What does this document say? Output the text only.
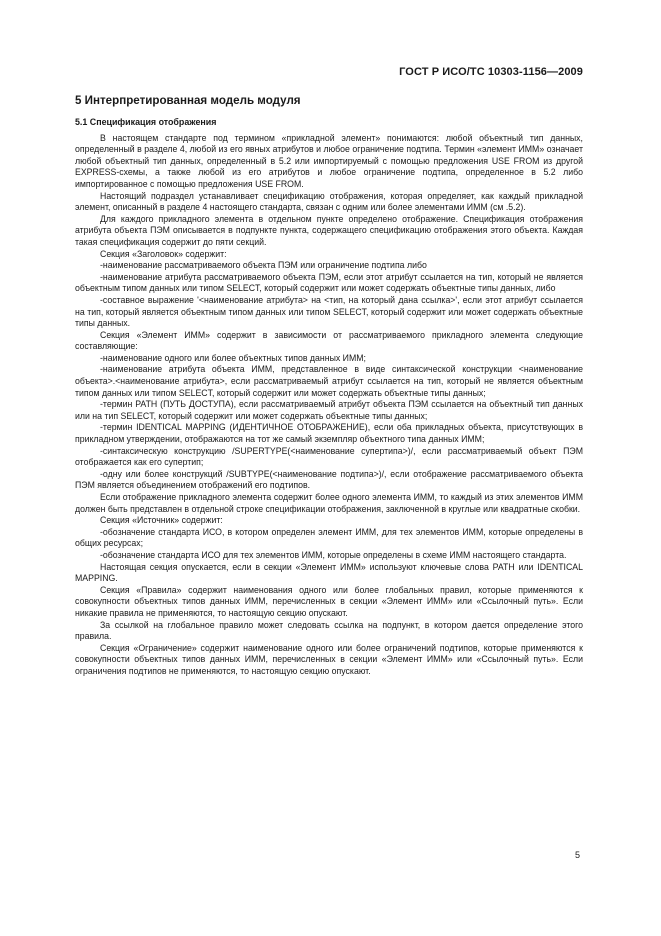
ГОСТ Р ИСО/ТС 10303-1156—2009
5 Интерпретированная модель модуля
5.1 Спецификация отображения

В настоящем стандарте под термином «прикладной элемент» понимаются: любой объектный тип данных, определенный в разделе 4, любой из его явных атрибутов и любое ограничение подтипа. Термин «элемент ИММ» означает любой объектный тип данных, определенный в 5.2 или импортируемый с помощью предложения USE FROM из другой EXPRESS-схемы, а также любой из его атрибутов и любое ограничение подтипа, определенное в 5.2 либо импортированное с помощью предложения USE FROM.

Настоящий подраздел устанавливает спецификацию отображения, которая определяет, как каждый прикладной элемент, описанный в разделе 4 настоящего стандарта, связан с одним или более элементами ИММ (см .5.2).

Для каждого прикладного элемента в отдельном пункте определено отображение. Спецификация отображения атрибута объекта ПЭМ описывается в подпункте пункта, содержащего спецификацию отображения этого объекта. Каждая такая спецификация содержит до пяти секций.

Секция «Заголовок» содержит:

-наименование рассматриваемого объекта ПЭМ или ограничение подтипа либо

-наименование атрибута рассматриваемого объекта ПЭМ, если этот атрибут ссылается на тип, который не является объектным типом данных или типом SELECT, который содержит или может содержать объектные типы данных, либо

-составное выражение '<наименование атрибута> на <тип, на который дана ссылка>', если этот атрибут ссылается на тип, который является объектным типом данных или типом SELECT, который содержит или может содержать объектные типы данных.

Секция «Элемент ИММ» содержит в зависимости от рассматриваемого прикладного элемента следующие составляющие:

-наименование одного или более объектных типов данных ИММ;

-наименование атрибута объекта ИММ, представленное в виде синтаксической конструкции <наименование объекта>.<наименование атрибута>, если рассматриваемый атрибут ссылается на тип, который не является объектным типом данных или типом SELECT, который содержит или может содержать объектные типы данных;

-термин PATH (ПУТЬ ДОСТУПА), если рассматриваемый атрибут объекта ПЭМ ссылается на объектный тип данных или на тип SELECT, который содержит или может содержать объектные типы данных;

-термин IDENTICAL MAPPING (ИДЕНТИЧНОЕ ОТОБРАЖЕНИЕ), если оба прикладных объекта, присутствующих в прикладном утверждении, отображаются на тот же самый экземпляр объектного типа данных ИММ;

-синтаксическую конструкцию /SUPERTYPE(<наименование супертипа>)/, если рассматриваемый объект ПЭМ отображается как его супертип;

-одну или более конструкций /SUBTYPE(<наименование подтипа>)/, если отображение рассматриваемого объекта ПЭМ является объединением отображений его подтипов.

Если отображение прикладного элемента содержит более одного элемента ИММ, то каждый из этих элементов ИММ должен быть представлен в отдельной строке спецификации отображения, заключенной в круглые или квадратные скобки.

Секция «Источник» содержит:

-обозначение стандарта ИСО, в котором определен элемент ИММ, для тех элементов ИММ, которые определены в общих ресурсах;

-обозначение стандарта ИСО для тех элементов ИММ, которые определены в схеме ИММ настоящего стандарта.

Настоящая секция опускается, если в секции «Элемент ИММ» используют ключевые слова PATH или IDENTICAL MAPPING.

Секция «Правила» содержит наименования одного или более глобальных правил, которые применяются к совокупности объектных типов данных ИММ, перечисленных в секции «Элемент ИММ» или «Ссылочный путь». Если никакие правила не применяются, то настоящую секцию опускают.

За ссылкой на глобальное правило может следовать ссылка на подпункт, в котором дается определение этого правила.

Секция «Ограничение» содержит наименование одного или более ограничений подтипов, которые применяются к совокупности объектных типов данных ИММ, перечисленных в секции «Элемент ИММ» или «Ссылочный путь». Если ограничения подтипов не применяются, то настоящую секцию опускают.

5
